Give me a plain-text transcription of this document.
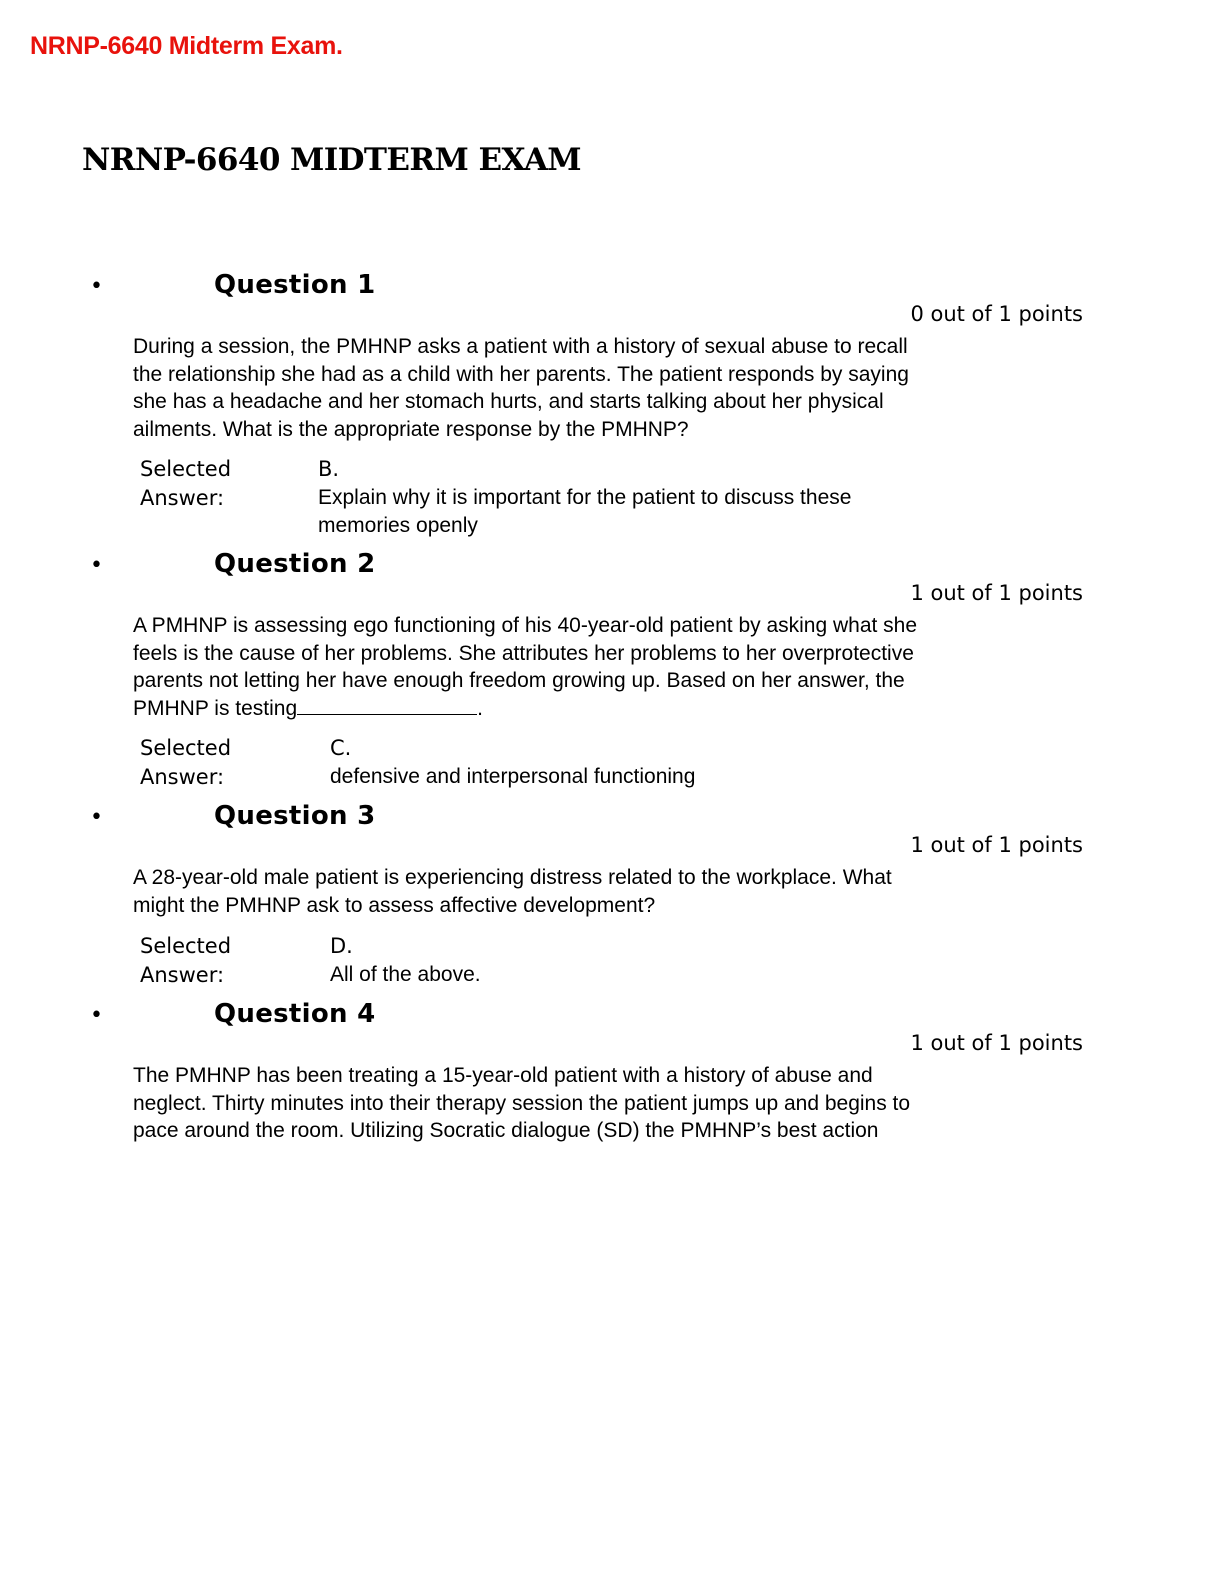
NRNP-6640 Midterm Exam.
NRNP-6640 MIDTERM EXAM
•	Question 1
0 out of 1 points
During a session, the PMHNP asks a patient with a history of sexual abuse to recall
the relationship she had as a child with her parents. The patient responds by saying
she has a headache and her stomach hurts, and starts talking about her physical
ailments. What is the appropriate response by the PMHNP?
Selected
Answer:
B.
Explain why it is important for the patient to discuss these memories openly
•	Question 2
1 out of 1 points
A PMHNP is assessing ego functioning of his 40-year-old patient by asking what she
feels is the cause of her problems. She attributes her problems to her overprotective
parents not letting her have enough freedom growing up. Based on her answer, the
PMHNP is testing	.
Selected
Answer:
C.
defensive and interpersonal functioning
•	Question 3
1 out of 1 points
A 28-year-old male patient is experiencing distress related to the workplace. What
might the PMHNP ask to assess affective development?
Selected
Answer:
D.
All of the above.
•	Question 4
1 out of 1 points
The PMHNP has been treating a 15-year-old patient with a history of abuse and
neglect. Thirty minutes into their therapy session the patient jumps up and begins to
pace around the room. Utilizing Socratic dialogue (SD) the PMHNP’s best action
